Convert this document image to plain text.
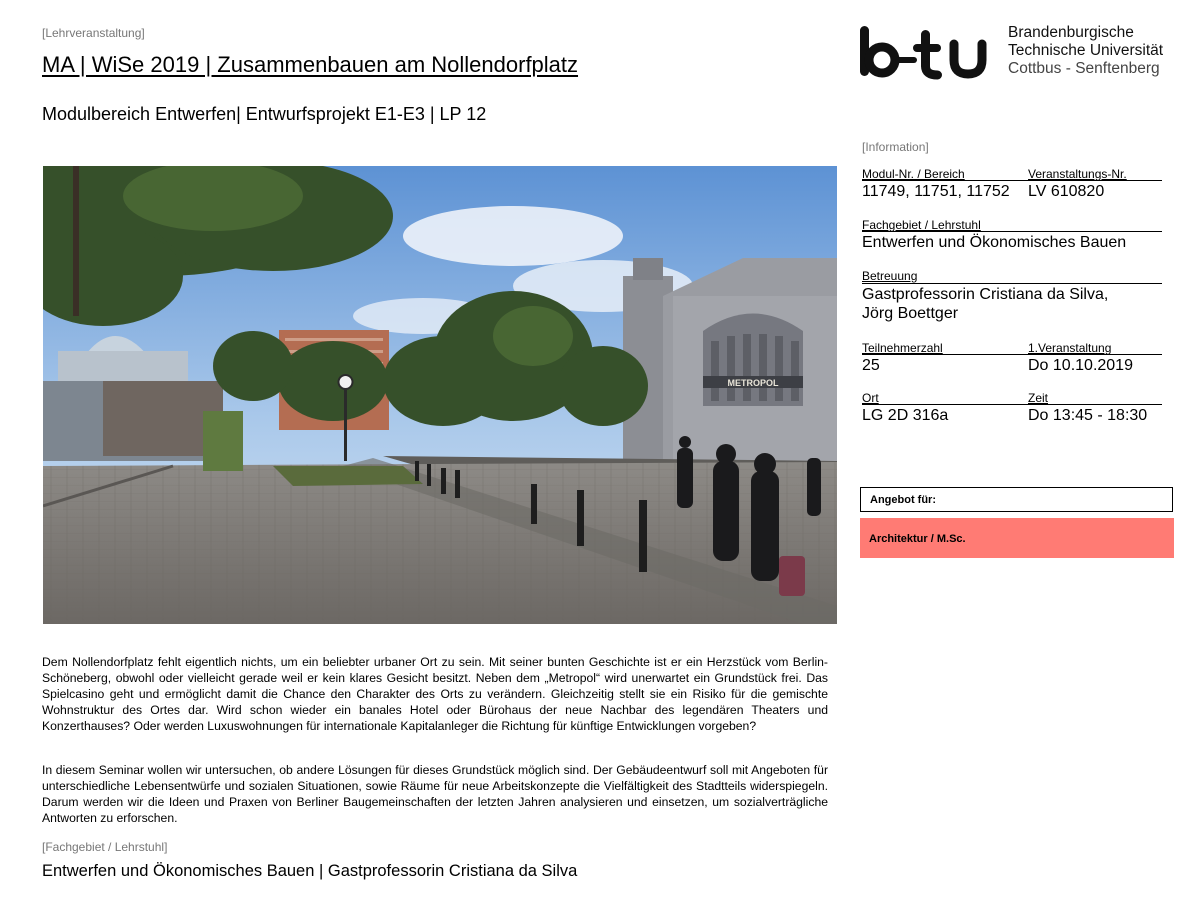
[Lehrveranstaltung]
MA | WiSe 2019 | Zusammenbauen am Nollendorfplatz
Modulbereich Entwerfen| Entwurfsprojekt E1-E3 | LP 12
Brandenburgische
Technische Universität
Cottbus - Senftenberg
METROPOL
[Information]
Modul-Nr. / Bereich	Veranstaltungs-Nr.
11749, 11751, 11752 LV 610820
Fachgebiet / Lehrstuhl
Entwerfen und Ökonomisches Bauen
Betreuung
Gastprofessorin Cristiana da Silva,
Jörg Boettger
Teilnehmerzahl	1.Veranstaltung
25	Do 10.10.2019
Ort	Zeit
LG 2D 316a	Do 13:45 - 18:30
Angebot für:
Architektur / M.Sc.
Dem Nollendorfplatz fehlt eigentlich nichts, um ein beliebter urbaner Ort zu sein. Mit seiner bunten Geschichte ist er ein Herzstück vom Berlin-Schöneberg, obwohl oder vielleicht gerade weil er kein klares Gesicht besitzt. Neben dem „Metropol“ wird unerwartet ein Grundstück frei. Das Spielcasino geht und ermöglicht damit die Chance den Charakter des Orts zu verändern. Gleichzeitig stellt sie ein Risiko für die gemischte Wohnstruktur des Ortes dar. Wird schon wieder ein banales Hotel oder Bürohaus der neue Nachbar des legendären Theaters und Konzerthauses? Oder werden Luxuswohnungen für internationale Kapitalanleger die Richtung für künftige Entwicklungen vorgeben?
In diesem Seminar wollen wir untersuchen, ob andere Lösungen für dieses Grundstück möglich sind. Der Gebäudeentwurf soll mit Angeboten für unterschiedliche Lebensentwürfe und sozialen Situationen, sowie Räume für neue Arbeitskonzepte die Vielfältigkeit des Stadtteils widerspiegeln. Darum werden wir die Ideen und Praxen von Berliner Baugemeinschaften der letzten Jahren analysieren und einsetzen, um sozialverträgliche Antworten zu erforschen.
[Fachgebiet / Lehrstuhl]
Entwerfen und Ökonomisches Bauen | Gastprofessorin Cristiana da Silva
